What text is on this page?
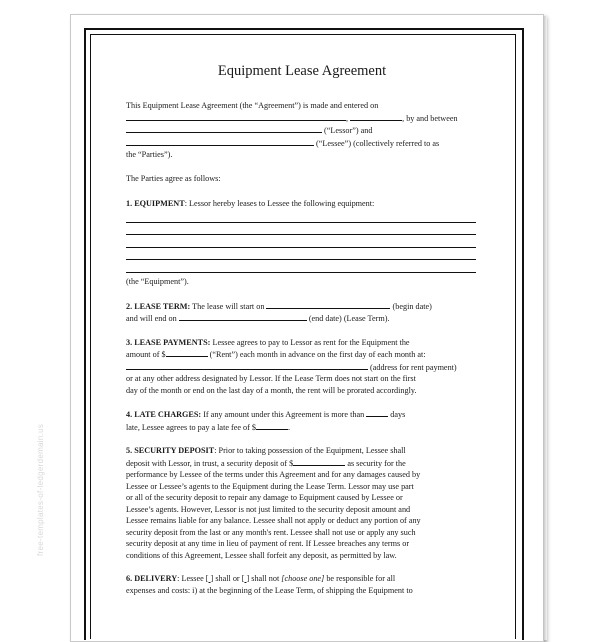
free-templates-of-ledgerdemain.us
Equipment Lease Agreement

This Equipment Lease Agreement (the “Agreement”) is made and entered on

,	, by and between

(“Lessor”) and

(“Lessee”) (collectively referred to as

the “Parties”).

The Parties agree as follows:

1. EQUIPMENT: Lessor hereby leases to Lessee the following equipment:

(the “Equipment”).

2. LEASE TERM: The lease will start on	(begin date)

and will end on	(end date) (Lease Term).

3. LEASE PAYMENTS: Lessee agrees to pay to Lessor as rent for the Equipment the

amount of $	(“Rent”) each month in advance on the first day of each month at:

(address for rent payment)

or at any other address designated by Lessor. If the Lease Term does not start on the first

day of the month or end on the last day of a month, the rent will be prorated accordingly.

4. LATE CHARGES: If any amount under this Agreement is more than	days

late, Lessee agrees to pay a late fee of $	.

5. SECURITY DEPOSIT: Prior to taking possession of the Equipment, Lessee shall

deposit with Lessor, in trust, a security deposit of $	as security for the

performance by Lessee of the terms under this Agreement and for any damages caused by

Lessee or Lessee’s agents to the Equipment during the Lease Term. Lessor may use part

or all of the security deposit to repair any damage to Equipment caused by Lessee or

Lessee’s agents. However, Lessor is not just limited to the security deposit amount and

Lessee remains liable for any balance. Lessee shall not apply or deduct any portion of any

security deposit from the last or any month's rent. Lessee shall not use or apply any such

security deposit at any time in lieu of payment of rent. If Lessee breaches any terms or

conditions of this Agreement, Lessee shall forfeit any deposit, as permitted by law.

6. DELIVERY: Lessee [ ] shall or [ ] shall not [choose one] be responsible for all

expenses and costs: i) at the beginning of the Lease Term, of shipping the Equipment to
